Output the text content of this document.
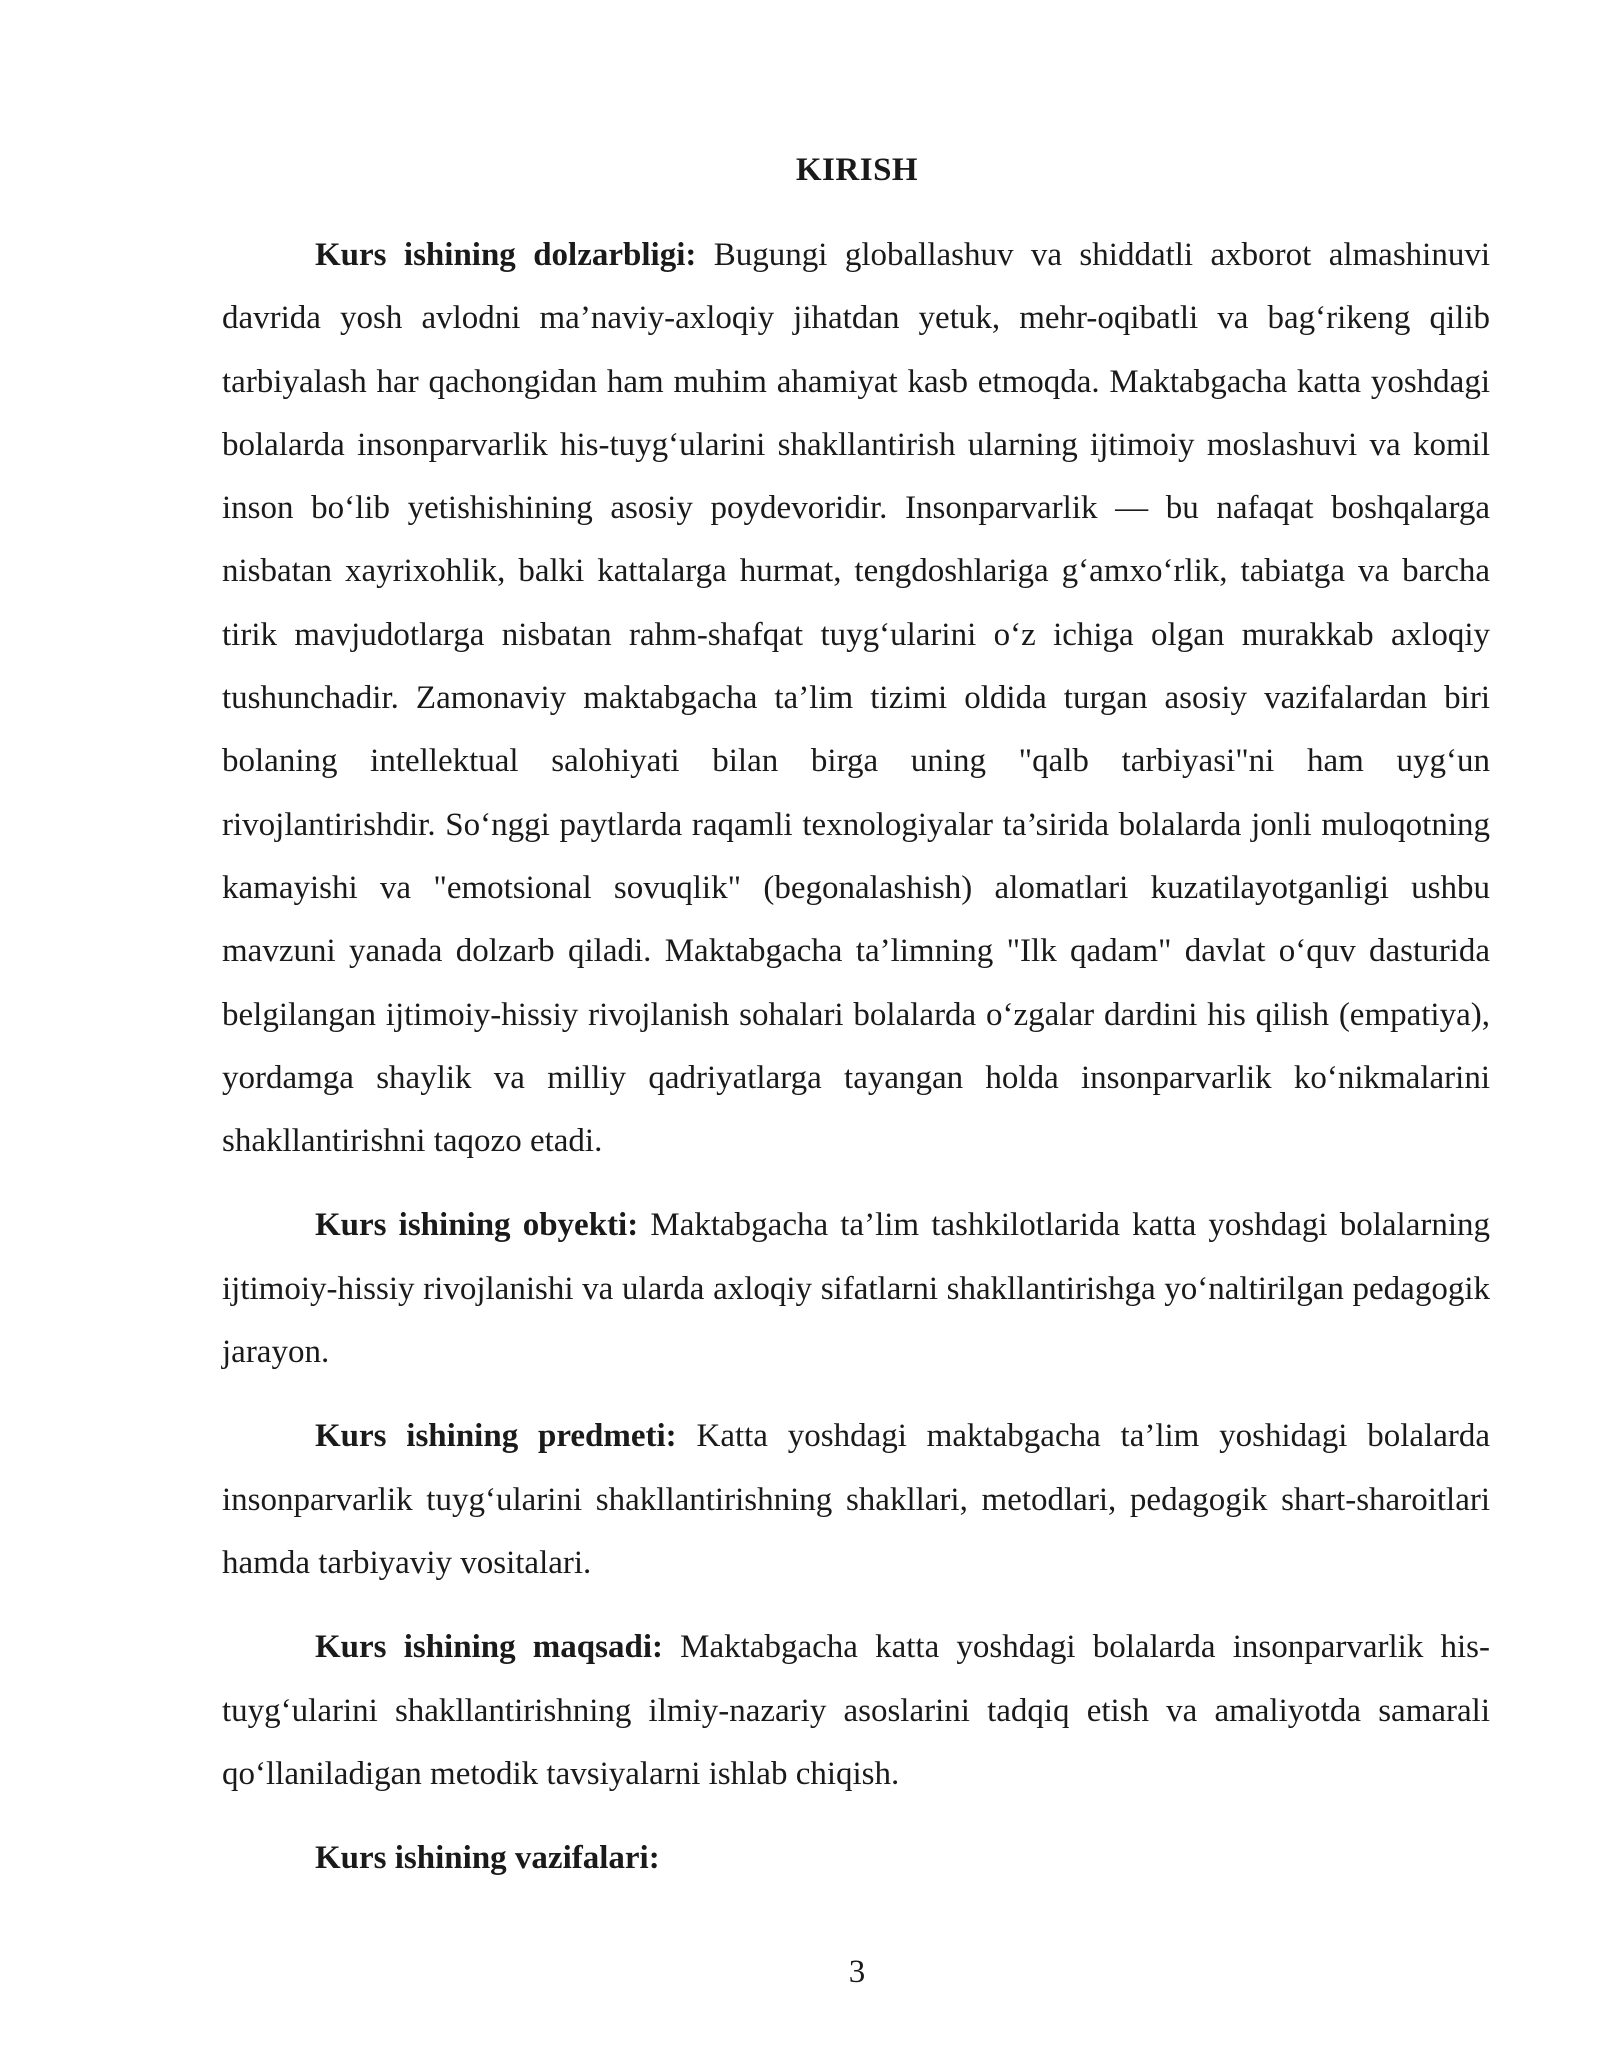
KIRISH

Kurs ishining dolzarbligi: Bugungi globallashuv va shiddatli axborot almashinuvi davrida yosh avlodni ma’naviy-axloqiy jihatdan yetuk, mehr-oqibatli va bag‘rikeng qilib tarbiyalash har qachongidan ham muhim ahamiyat kasb etmoqda. Maktabgacha katta yoshdagi bolalarda insonparvarlik his-tuyg‘ularini shakllantirish ularning ijtimoiy moslashuvi va komil inson bo‘lib yetishishining asosiy poydevoridir. Insonparvarlik — bu nafaqat boshqalarga nisbatan xayrixohlik, balki kattalarga hurmat, tengdoshlariga g‘amxo‘rlik, tabiatga va barcha tirik mavjudotlarga nisbatan rahm-shafqat tuyg‘ularini o‘z ichiga olgan murakkab axloqiy tushunchadir. Zamonaviy maktabgacha ta’lim tizimi oldida turgan asosiy vazifalardan biri bolaning intellektual salohiyati bilan birga uning "qalb tarbiyasi"ni ham uyg‘un rivojlantirishdir. So‘nggi paytlarda raqamli texnologiyalar ta’sirida bolalarda jonli muloqotning kamayishi va "emotsional sovuqlik" (begonalashish) alomatlari kuzatilayotganligi ushbu mavzuni yanada dolzarb qiladi. Maktabgacha ta’limning "Ilk qadam" davlat o‘quv dasturida belgilangan ijtimoiy-hissiy rivojlanish sohalari bolalarda o‘zgalar dardini his qilish (empatiya), yordamga shaylik va milliy qadriyatlarga tayangan holda insonparvarlik ko‘nikmalarini shakllantirishni taqozo etadi.

Kurs ishining obyekti: Maktabgacha ta’lim tashkilotlarida katta yoshdagi bolalarning ijtimoiy-hissiy rivojlanishi va ularda axloqiy sifatlarni shakllantirishga yo‘naltirilgan pedagogik jarayon.

Kurs ishining predmeti: Katta yoshdagi maktabgacha ta’lim yoshidagi bolalarda insonparvarlik tuyg‘ularini shakllantirishning shakllari, metodlari, pedagogik shart-sharoitlari hamda tarbiyaviy vositalari.

Kurs ishining maqsadi: Maktabgacha katta yoshdagi bolalarda insonparvarlik his-tuyg‘ularini shakllantirishning ilmiy-nazariy asoslarini tadqiq etish va amaliyotda samarali qo‘llaniladigan metodik tavsiyalarni ishlab chiqish.

Kurs ishining vazifalari:

3
